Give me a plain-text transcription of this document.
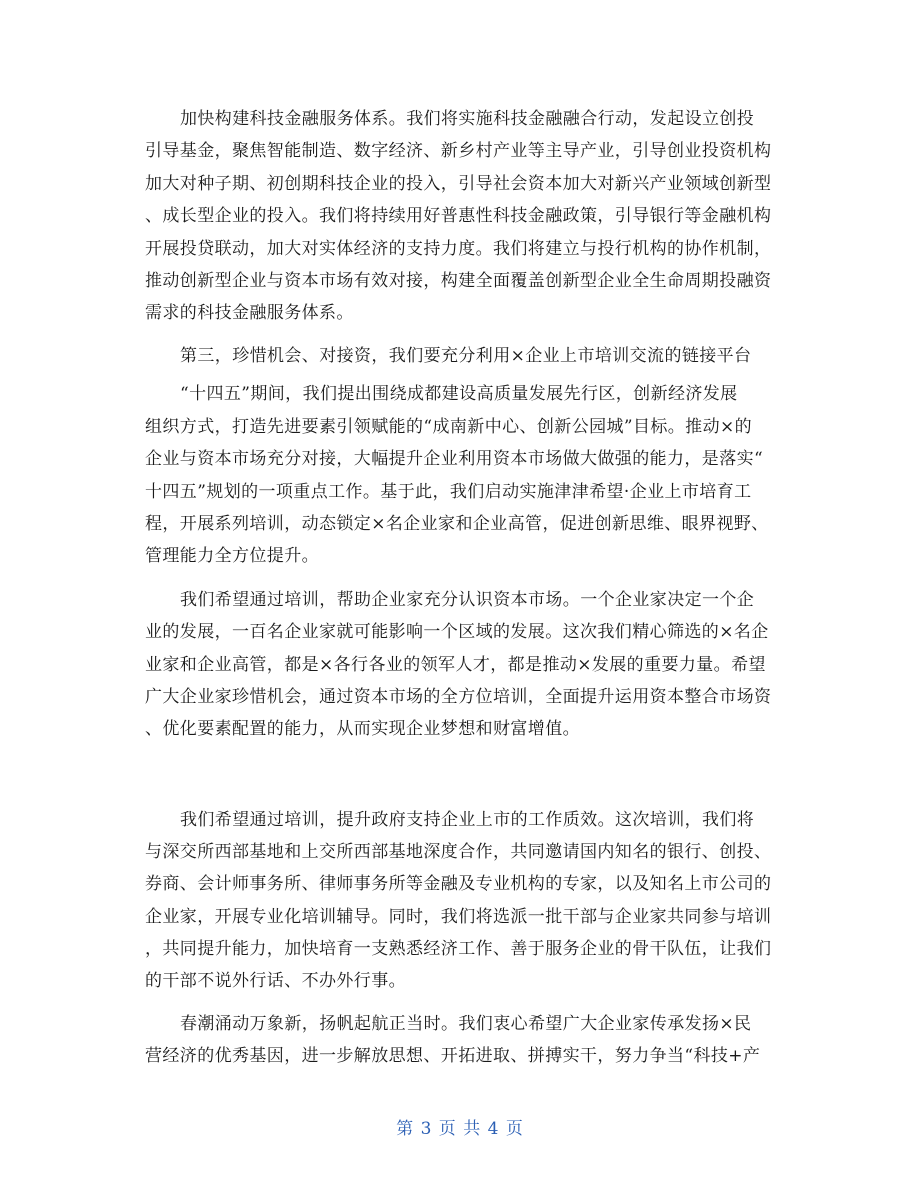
加快构建科技金融服务体系。我们将实施科技金融融合行动，发起设立创投
引导基金，聚焦智能制造、数字经济、新乡村产业等主导产业，引导创业投资机构
加大对种子期、初创期科技企业的投入，引导社会资本加大对新兴产业领域创新型
、成长型企业的投入。我们将持续用好普惠性科技金融政策，引导银行等金融机构
开展投贷联动，加大对实体经济的支持力度。我们将建立与投行机构的协作机制，
推动创新型企业与资本市场有效对接，构建全面覆盖创新型企业全生命周期投融资
需求的科技金融服务体系。
第三，珍惜机会、对接资，我们要充分利用×企业上市培训交流的链接平台
“十四五”期间，我们提出围绕成都建设高质量发展先行区，创新经济发展
组织方式，打造先进要素引领赋能的“成南新中心、创新公园城”目标。推动×的
企业与资本市场充分对接，大幅提升企业利用资本市场做大做强的能力，是落实“
十四五”规划的一项重点工作。基于此，我们启动实施津津希望·企业上市培育工
程，开展系列培训，动态锁定×名企业家和企业高管，促进创新思维、眼界视野、
管理能力全方位提升。
我们希望通过培训，帮助企业家充分认识资本市场。一个企业家决定一个企
业的发展，一百名企业家就可能影响一个区域的发展。这次我们精心筛选的×名企
业家和企业高管，都是×各行各业的领军人才，都是推动×发展的重要力量。希望
广大企业家珍惜机会，通过资本市场的全方位培训，全面提升运用资本整合市场资
、优化要素配置的能力，从而实现企业梦想和财富增值。
我们希望通过培训，提升政府支持企业上市的工作质效。这次培训，我们将
与深交所西部基地和上交所西部基地深度合作，共同邀请国内知名的银行、创投、
券商、会计师事务所、律师事务所等金融及专业机构的专家，以及知名上市公司的
企业家，开展专业化培训辅导。同时，我们将选派一批干部与企业家共同参与培训
，共同提升能力，加快培育一支熟悉经济工作、善于服务企业的骨干队伍，让我们
的干部不说外行话、不办外行事。
春潮涌动万象新，扬帆起航正当时。我们衷心希望广大企业家传承发扬×民
营经济的优秀基因，进一步解放思想、开拓进取、拼搏实干，努力争当“科技+产
第 3 页 共 4 页
